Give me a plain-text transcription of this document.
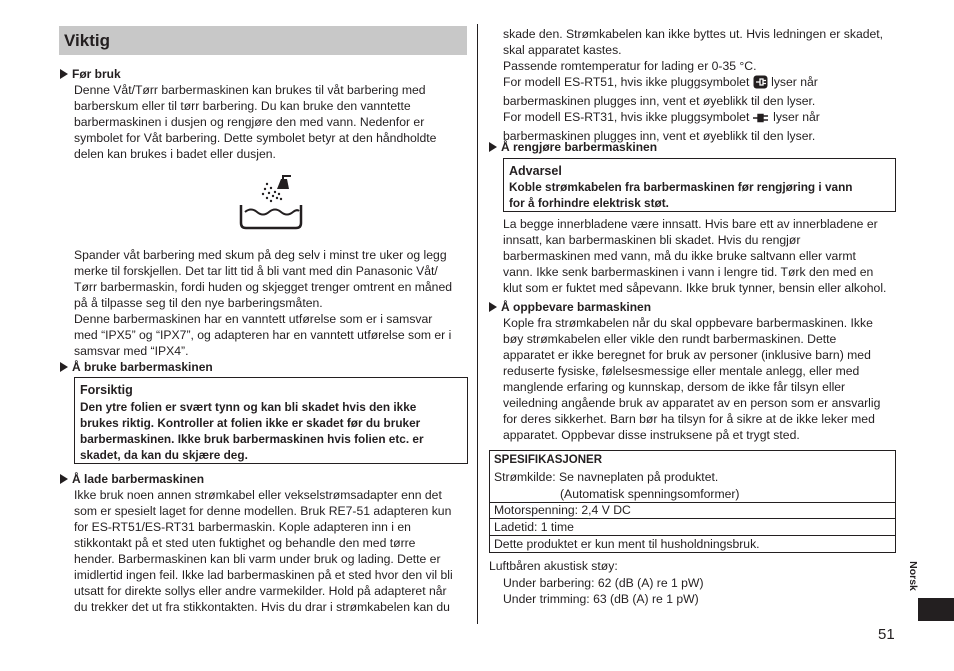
Viktig
Før bruk
Denne Våt/Tørr barbermaskinen kan brukes til våt barbering med
barberskum eller til tørr barbering. Du kan bruke den vanntette
barbermaskinen i dusjen og rengjøre den med vann. Nedenfor er
symbolet for Våt barbering. Dette symbolet betyr at den håndholdte
delen kan brukes i badet eller dusjen.
Spander våt barbering med skum på deg selv i minst tre uker og legg
merke til forskjellen. Det tar litt tid å bli vant med din Panasonic Våt/
Tørr barbermaskin, fordi huden og skjegget trenger omtrent en måned
på å tilpasse seg til den nye barberingsmåten.
Denne barbermaskinen har en vanntett utførelse som er i samsvar
med “IPX5” og “IPX7”, og adapteren har en vanntett utførelse som er i
samsvar med “IPX4”.
Å bruke barbermaskinen
Forsiktig
Den ytre folien er svært tynn og kan bli skadet hvis den ikke
brukes riktig. Kontroller at folien ikke er skadet før du bruker
barbermaskinen. Ikke bruk barbermaskinen hvis folien etc. er
skadet, da kan du skjære deg.
Å lade barbermaskinen
Ikke bruk noen annen strømkabel eller vekselstrømsadapter enn det
som er spesielt laget for denne modellen. Bruk RE7-51 adapteren kun
for ES-RT51/ES-RT31 barbermaskin. Kople adapteren inn i en
stikkontakt på et sted uten fuktighet og behandle den med tørre
hender. Barbermaskinen kan bli varm under bruk og lading. Dette er
imidlertid ingen feil. Ikke lad barbermaskinen på et sted hvor den vil bli
utsatt for direkte sollys eller andre varmekilder. Hold på adapteret når
du trekker det ut fra stikkontakten. Hvis du drar i strømkabelen kan du
skade den. Strømkabelen kan ikke byttes ut. Hvis ledningen er skadet,
skal apparatet kastes.
Passende romtemperatur for lading er 0-35 °C.
For modell ES-RT51, hvis ikke pluggsymbolet lyser når
barbermaskinen plugges inn, vent et øyeblikk til den lyser.
For modell ES-RT31, hvis ikke pluggsymbolet lyser når
barbermaskinen plugges inn, vent et øyeblikk til den lyser.
Å rengjøre barbermaskinen
Advarsel
Koble strømkabelen fra barbermaskinen før rengjøring i vann
for å forhindre elektrisk støt.
La begge innerbladene være innsatt. Hvis bare ett av innerbladene er
innsatt, kan barbermaskinen bli skadet. Hvis du rengjør
barbermaskinen med vann, må du ikke bruke saltvann eller varmt
vann. Ikke senk barbermaskinen i vann i lengre tid. Tørk den med en
klut som er fuktet med såpevann. Ikke bruk tynner, bensin eller alkohol.
Å oppbevare barmaskinen
Kople fra strømkabelen når du skal oppbevare barbermaskinen. Ikke
bøy strømkabelen eller vikle den rundt barbermaskinen. Dette
apparatet er ikke beregnet for bruk av personer (inklusive barn) med
reduserte fysiske, følelsesmessige eller mentale anlegg, eller med
manglende erfaring og kunnskap, dersom de ikke får tilsyn eller
veiledning angående bruk av apparatet av en person som er ansvarlig
for deres sikkerhet. Barn bør ha tilsyn for å sikre at de ikke leker med
apparatet. Oppbevar disse instruksene på et trygt sted.
SPESIFIKASJONER
Strømkilde: Se navneplaten på produktet.
(Automatisk spenningsomformer)
Motorspenning: 2,4 V DC
Ladetid: 1 time
Dette produktet er kun ment til husholdningsbruk.
Luftbåren akustisk støy:
Under barbering: 62 (dB (A) re 1 pW)
Under trimming: 63 (dB (A) re 1 pW)
Norsk
51
